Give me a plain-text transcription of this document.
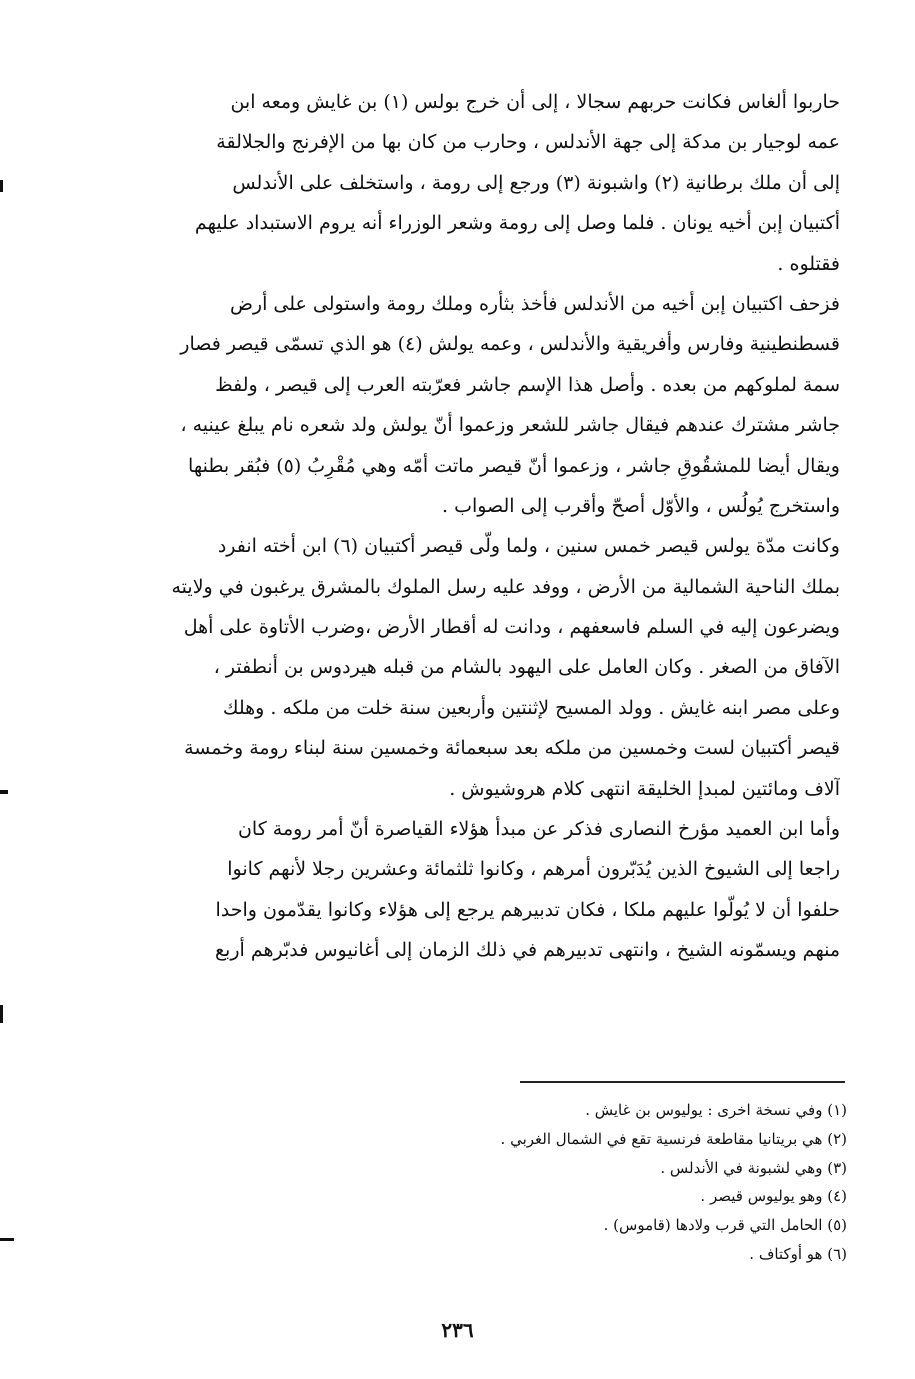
حاربوا ألغاس فكانت حربهم سجالا ، إلى أن خرج بولس (١) بن غايش ومعه ابن
عمه لوجيار بن مدكة إلى جهة الأندلس ، وحارب من كان بها من الإفرنج والجلالقة
إلى أن ملك برطانية (٢) واشبونة (٣) ورجع إلى رومة ، واستخلف على الأندلس
أكتبيان إبن أخيه يونان . فلما وصل إلى رومة وشعر الوزراء أنه يروم الاستبداد عليهم
فقتلوه .
فزحف اكتبيان إبن أخيه من الأندلس فأخذ بثأره وملك رومة واستولى على أرض
قسطنطينية وفارس وأفريقية والأندلس ، وعمه يولش (٤) هو الذي تسمّى قيصر فصار
سمة لملوكهم من بعده . وأصل هذا الإسم جاشر فعرّبته العرب إلى قيصر ، ولفظ
جاشر مشترك عندهم فيقال جاشر للشعر وزعموا أنّ يولش ولد شعره نام يبلغ عينيه ،
ويقال أيضا للمشقُوقِ جاشر ، وزعموا أنّ قيصر ماتت أمّه وهي مُقْرِبُ (٥) فبُقر بطنها
واستخرج يُولُس ، والأوّل أصحّ وأقرب إلى الصواب .
وكانت مدّة يولس قيصر خمس سنين ، ولما ولّى قيصر أكتبيان (٦) ابن أخته انفرد
بملك الناحية الشمالية من الأرض ، ووفد عليه رسل الملوك بالمشرق يرغبون في ولايته
ويضرعون إليه في السلم فاسعفهم ، ودانت له أقطار الأرض ،وضرب الأتاوة على أهل
الآفاق من الصغر . وكان العامل على اليهود بالشام من قبله هيردوس بن أنطفتر ،
وعلى مصر ابنه غايش . وولد المسيح لإثنتين وأربعين سنة خلت من ملكه . وهلك
قيصر أكتبيان لست وخمسين من ملكه بعد سبعمائة وخمسين سنة لبناء رومة وخمسة
آلاف ومائتين لمبدإ الخليقة انتهى كلام هروشيوش .
وأما ابن العميد مؤرخ النصارى فذكر عن مبدأ هؤلاء القياصرة أنّ أمر رومة كان
راجعا إلى الشيوخ الذين يُدَبّرون أمرهم ، وكانوا ثلثمائة وعشرين رجلا لأنهم كانوا
حلفوا أن لا يُولّوا عليهم ملكا ، فكان تدبيرهم يرجع إلى هؤلاء وكانوا يقدّمون واحدا
منهم ويسمّونه الشيخ ، وانتهى تدبيرهم في ذلك الزمان إلى أغانيوس فدبّرهم أربع
(١) وفي نسخة اخرى : يوليوس بن غايش .
(٢) هي بريتانيا مقاطعة فرنسية تقع في الشمال الغربي .
(٣) وهي لشبونة في الأندلس .
(٤) وهو يوليوس قيصر .
(٥) الحامل التي قرب ولادها (قاموس) .
(٦) هو أوكتاف .
٢٣٦
